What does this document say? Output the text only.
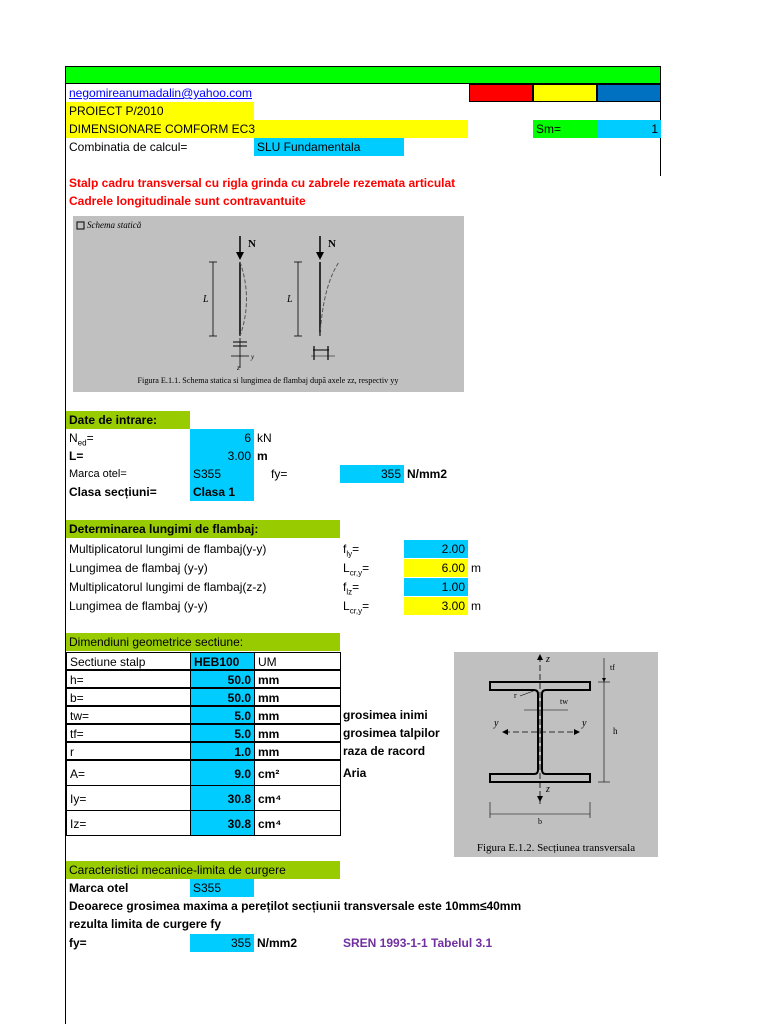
negomireanumadalin@yahoo.com
PROIECT P/2010
DIMENSIONARE COMFORM EC3	Sm=	1
Combinatia de calcul=	SLU Fundamentala
Stalp cadru transversal cu rigla grinda cu zabrele rezemata articulat
Cadrele longitudinale sunt contravantuite
Schema statică
N
L
y
z
N
L
Figura E.1.1. Schema statica si lungimea de flambaj după axele zz, respectiv yy
Date de intrare:
$N_{ed}=$	6 kN
L=	3.00 m
Marca otel=	S355	fy=	355 N/mm2
Clasa secțiuni=	Clasa 1
Determinarea lungimi de flambaj:
Multiplicatorul lungimi de flambaj(y-y)	$f_{ly}=$	2.00
Lungimea de flambaj (y-y)	$L_{cr,y}=$	6.00 m
Multiplicatorul lungimi de flambaj(z-z)	$f_{lz}=$	1.00
Lungimea de flambaj (y-y)	$L_{cr,y}=$	3.00 m
Dimendiuni geometrice sectiune:
Sectiune stalp	HEB100	UM
h=	50.0 mm
b=	50.0 mm
tw=	5.0 mm
tf=	5.0 mm
r	1.0 mm
A=	9.0 cm²
Iy=	30.8 cm⁴
Iz=	30.8 cm⁴
grosimea inimi
grosimea talpilor
raza de racord
Aria
z
z
y	y
tf
tw
r
h
b
Figura E.1.2. Secțiunea transversala
Caracteristici mecanice-limita de curgere
Marca otel	S355
Deoarece grosimea maxima a perețilot secțiunii transversale este 10mm≤40mm
rezulta limita de curgere fy
fy=	355 N/mm2	SREN 1993-1-1 Tabelul 3.1
